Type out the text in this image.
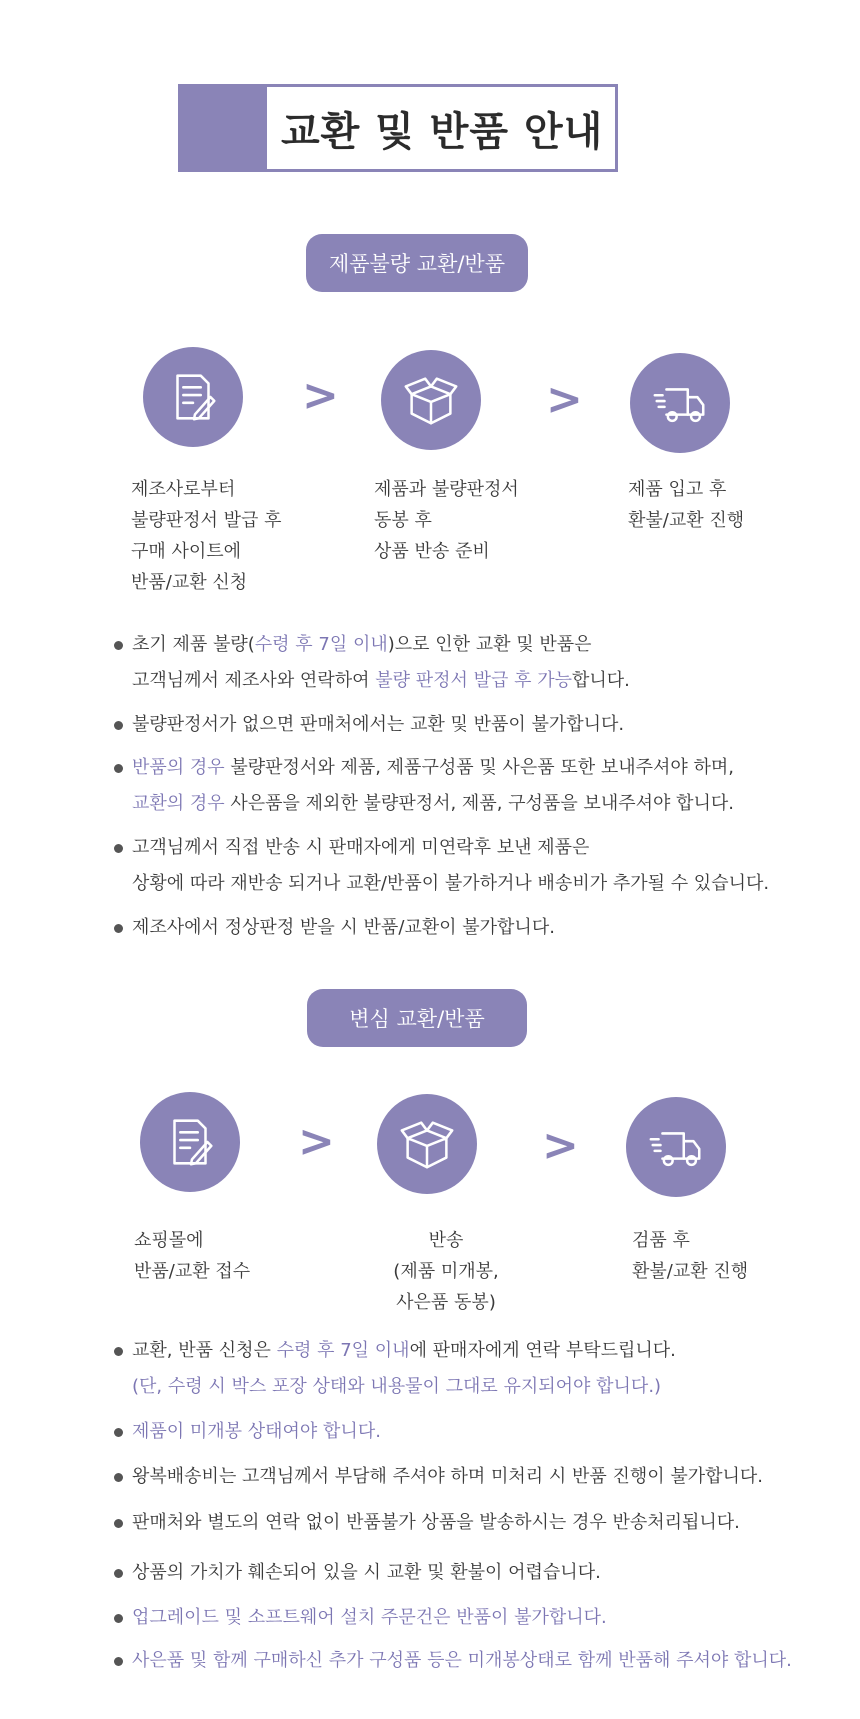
교환 및 반품 안내
제품불량 교환/반품
>	>
제조사로부터
불량판정서 발급 후
구매 사이트에
반품/교환 신청
제품과 불량판정서
동봉 후
상품 반송 준비
제품 입고 후
환불/교환 진행
초기 제품 불량(수령 후 7일 이내)으로 인한 교환 및 반품은
고객님께서 제조사와 연락하여 불량 판정서 발급 후 가능합니다.
불량판정서가 없으면 판매처에서는 교환 및 반품이 불가합니다.
반품의 경우 불량판정서와 제품, 제품구성품 및 사은품 또한 보내주셔야 하며,
교환의 경우 사은품을 제외한 불량판정서, 제품, 구성품을 보내주셔야 합니다.
고객님께서 직접 반송 시 판매자에게 미연락후 보낸 제품은
상황에 따라 재반송 되거나 교환/반품이 불가하거나 배송비가 추가될 수 있습니다.
제조사에서 정상판정 받을 시 반품/교환이 불가합니다.
변심 교환/반품
>	>
쇼핑몰에
반품/교환 접수
반송
(제품 미개봉,
사은품 동봉)
검품 후
환불/교환 진행
교환, 반품 신청은 수령 후 7일 이내에 판매자에게 연락 부탁드립니다.
(단, 수령 시 박스 포장 상태와 내용물이 그대로 유지되어야 합니다.)
제품이 미개봉 상태여야 합니다.
왕복배송비는 고객님께서 부담해 주셔야 하며 미처리 시 반품 진행이 불가합니다.
판매처와 별도의 연락 없이 반품불가 상품을 발송하시는 경우 반송처리됩니다.
상품의 가치가 훼손되어 있을 시 교환 및 환불이 어렵습니다.
업그레이드 및 소프트웨어 설치 주문건은 반품이 불가합니다.
사은품 및 함께 구매하신 추가 구성품 등은 미개봉상태로 함께 반품해 주셔야 합니다.
